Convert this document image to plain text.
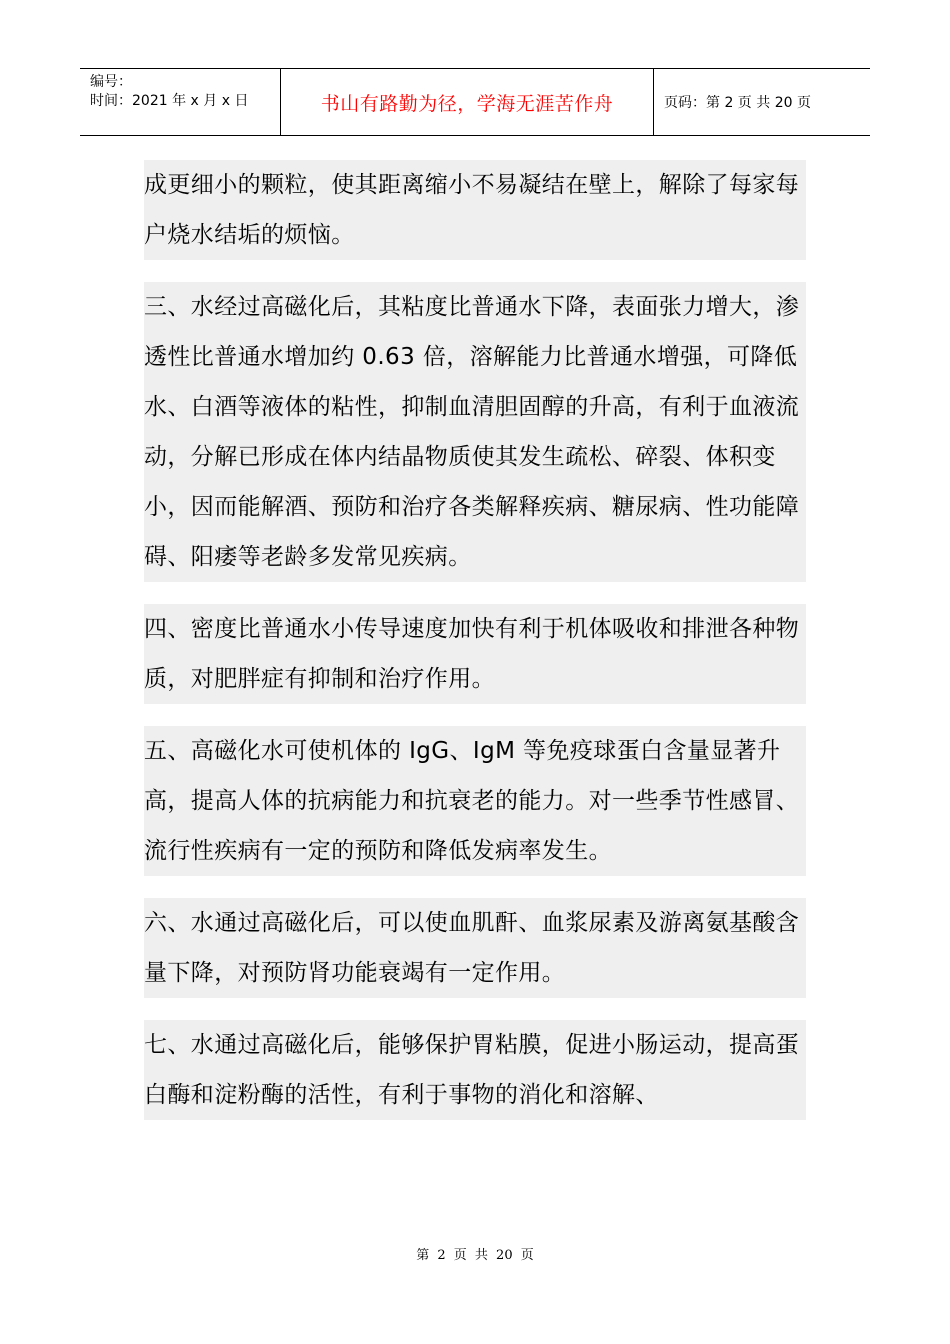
编号：
时间：2021 年 x 月 x 日	书山有路勤为径，学海无涯苦作舟	页码：第 2 页 共 20 页

成更细小的颗粒，使其距离缩小不易凝结在壁上，解除了每家每户烧水结垢的烦恼。

三、水经过高磁化后，其粘度比普通水下降，表面张力增大，渗透性比普通水增加约 0.63 倍，溶解能力比普通水增强，可降低水、白酒等液体的粘性，抑制血清胆固醇的升高，有利于血液流动，分解已形成在体内结晶物质使其发生疏松、碎裂、体积变小，因而能解酒、预防和治疗各类解释疾病、糖尿病、性功能障碍、阳痿等老龄多发常见疾病。

四、密度比普通水小传导速度加快有利于机体吸收和排泄各种物质，对肥胖症有抑制和治疗作用。

五、高磁化水可使机体的 IgG、IgM 等免疫球蛋白含量显著升高，提高人体的抗病能力和抗衰老的能力。对一些季节性感冒、流行性疾病有一定的预防和降低发病率发生。

六、水通过高磁化后，可以使血肌酐、血浆尿素及游离氨基酸含量下降，对预防肾功能衰竭有一定作用。

七、水通过高磁化后，能够保护胃粘膜，促进小肠运动，提高蛋白酶和淀粉酶的活性，有利于事物的消化和溶解、

第 2 页 共 20 页
